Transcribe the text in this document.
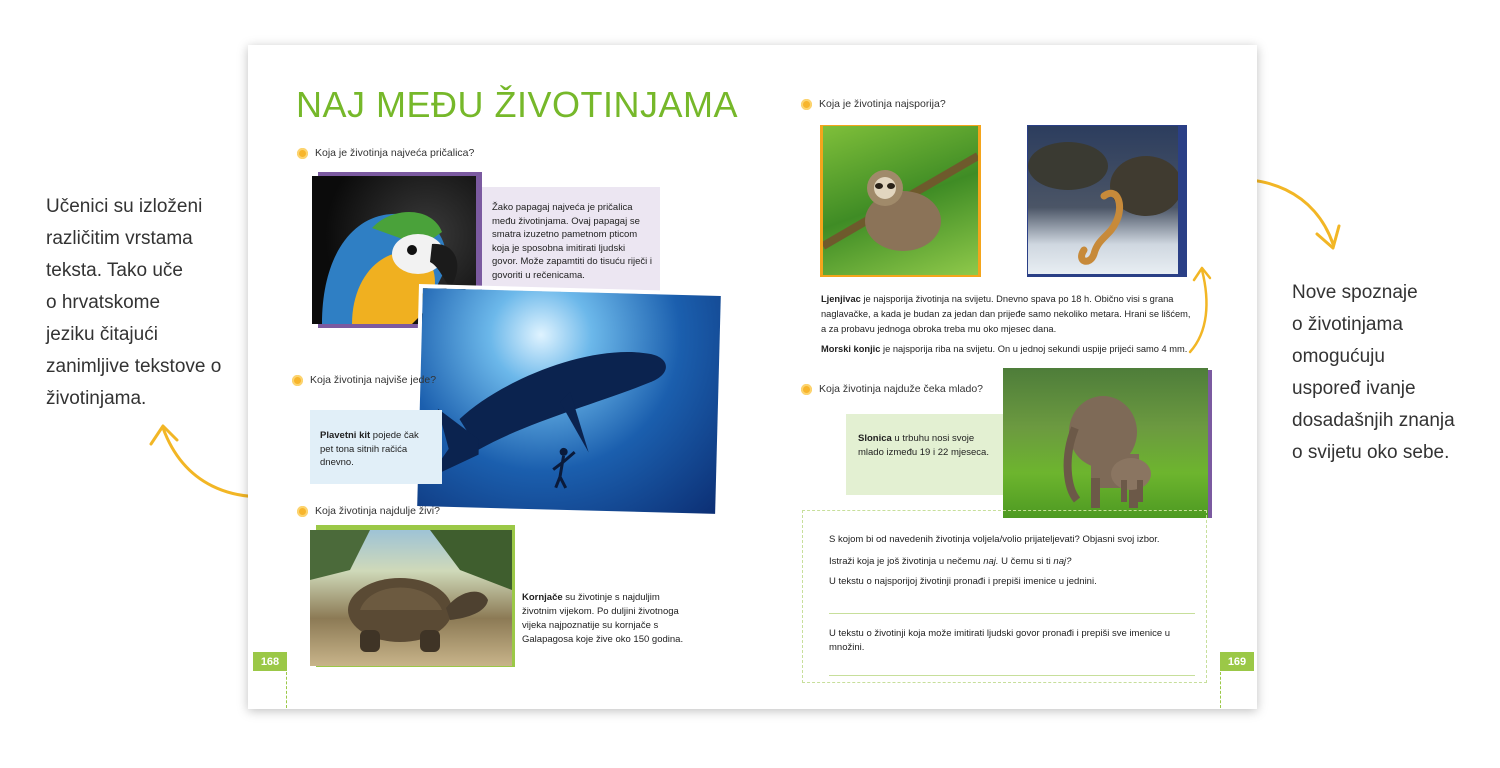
Učenici su izloženi
različitim vrstama
teksta. Tako uče
o hrvatskome
jeziku čitajući
zanimljive tekstove o
životinjama.
Nove spoznaje
o životinjama
omogućuju
uspoređ ivanje
dosadašnjih znanja
o svijetu oko sebe.
NAJ MEĐU ŽIVOTINJAMA
Koja je životinja najveća pričalica?
Žako papagaj najveća je pričalica među životinjama. Ovaj papagaj se smatra izuzetno pametnom pticom koja je sposobna imitirati ljudski govor. Može zapamtiti do tisuću riječi i govoriti u rečenicama.
Koja životinja najviše jede?
Plavetni kit pojede čak pet tona sitnih račića dnevno.
Koja životinja najdulje živi?
Kornjače su životinje s najduljim životnim vijekom. Po duljini životnoga vijeka najpoznatije su kornjače s Galapagosa koje žive oko 150 godina.
168
Koja je životinja najsporija?
Ljenjivac je najsporija životinja na svijetu. Dnevno spava po 18 h. Obično visi s grana naglavačke, a kada je budan za jedan dan prijeđe samo nekoliko metara. Hrani se lišćem, a za probavu jednoga obroka treba mu oko mjesec dana.
Morski konjic je najsporija riba na svijetu. On u jednoj sekundi uspije prijeći samo 4 mm.
Koja životinja najduže čeka mlado?
Slonica u trbuhu nosi svoje mlado između 19 i 22 mjeseca.
S kojom bi od navedenih životinja voljela/volio prijateljevati? Objasni svoj izbor.
Istraži koja je još životinja u nečemu naj. U čemu si ti naj?
U tekstu o najsporijoj životinji pronađi i prepiši imenice u jednini.
U tekstu o životinji koja može imitirati ljudski govor pronađi i prepiši sve imenice u množini.
169
